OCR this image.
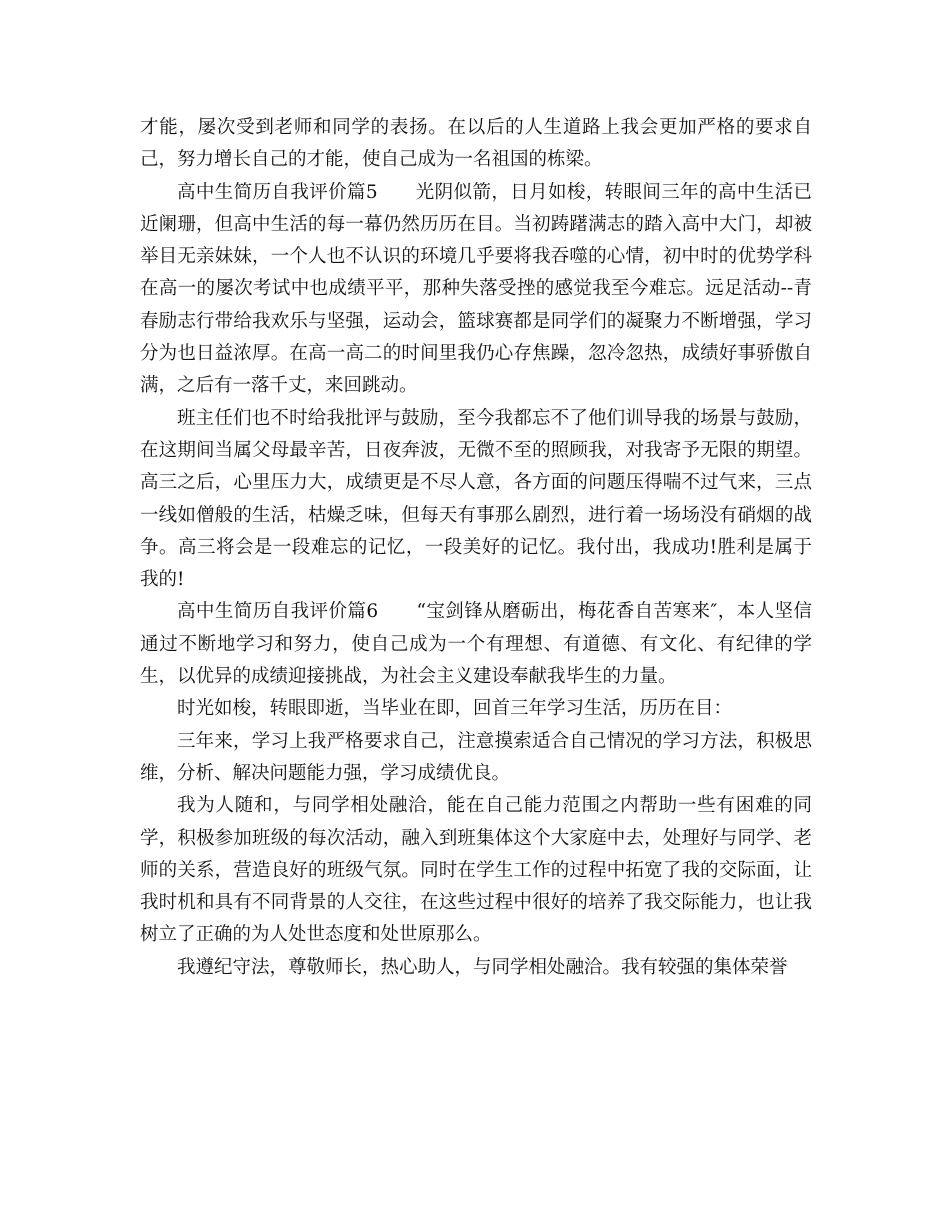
才能，屡次受到老师和同学的表扬。在以后的人生道路上我会更加严格的要求自己，努力增长自己的才能，使自己成为一名祖国的栋梁。

高中生简历自我评价篇5　　光阴似箭，日月如梭，转眼间三年的高中生活已近阑珊，但高中生活的每一幕仍然历历在目。当初踌躇满志的踏入高中大门，却被举目无亲妹妹，一个人也不认识的环境几乎要将我吞噬的心情，初中时的优势学科在高一的屡次考试中也成绩平平，那种失落受挫的感觉我至今难忘。远足活动--青春励志行带给我欢乐与坚强，运动会，篮球赛都是同学们的凝聚力不断增强，学习分为也日益浓厚。在高一高二的时间里我仍心存焦躁，忽冷忽热，成绩好事骄傲自满，之后有一落千丈，来回跳动。

班主任们也不时给我批评与鼓励，至今我都忘不了他们训导我的场景与鼓励，在这期间当属父母最辛苦，日夜奔波，无微不至的照顾我，对我寄予无限的期望。高三之后，心里压力大，成绩更是不尽人意，各方面的问题压得喘不过气来，三点一线如僧般的生活，枯燥乏味，但每天有事那么剧烈，进行着一场场没有硝烟的战争。高三将会是一段难忘的记忆，一段美好的记忆。我付出，我成功!胜利是属于我的!

高中生简历自我评价篇6　　“宝剑锋从磨砺出，梅花香自苦寒来″，本人坚信通过不断地学习和努力，使自己成为一个有理想、有道德、有文化、有纪律的学生，以优异的成绩迎接挑战，为社会主义建设奉献我毕生的力量。

时光如梭，转眼即逝，当毕业在即，回首三年学习生活，历历在目：

三年来，学习上我严格要求自己，注意摸索适合自己情况的学习方法，积极思维，分析、解决问题能力强，学习成绩优良。

我为人随和，与同学相处融洽，能在自己能力范围之内帮助一些有困难的同学，积极参加班级的每次活动，融入到班集体这个大家庭中去，处理好与同学、老师的关系，营造良好的班级气氛。同时在学生工作的过程中拓宽了我的交际面，让我时机和具有不同背景的人交往，在这些过程中很好的培养了我交际能力，也让我树立了正确的为人处世态度和处世原那么。

我遵纪守法，尊敬师长，热心助人，与同学相处融洽。我有较强的集体荣誉
